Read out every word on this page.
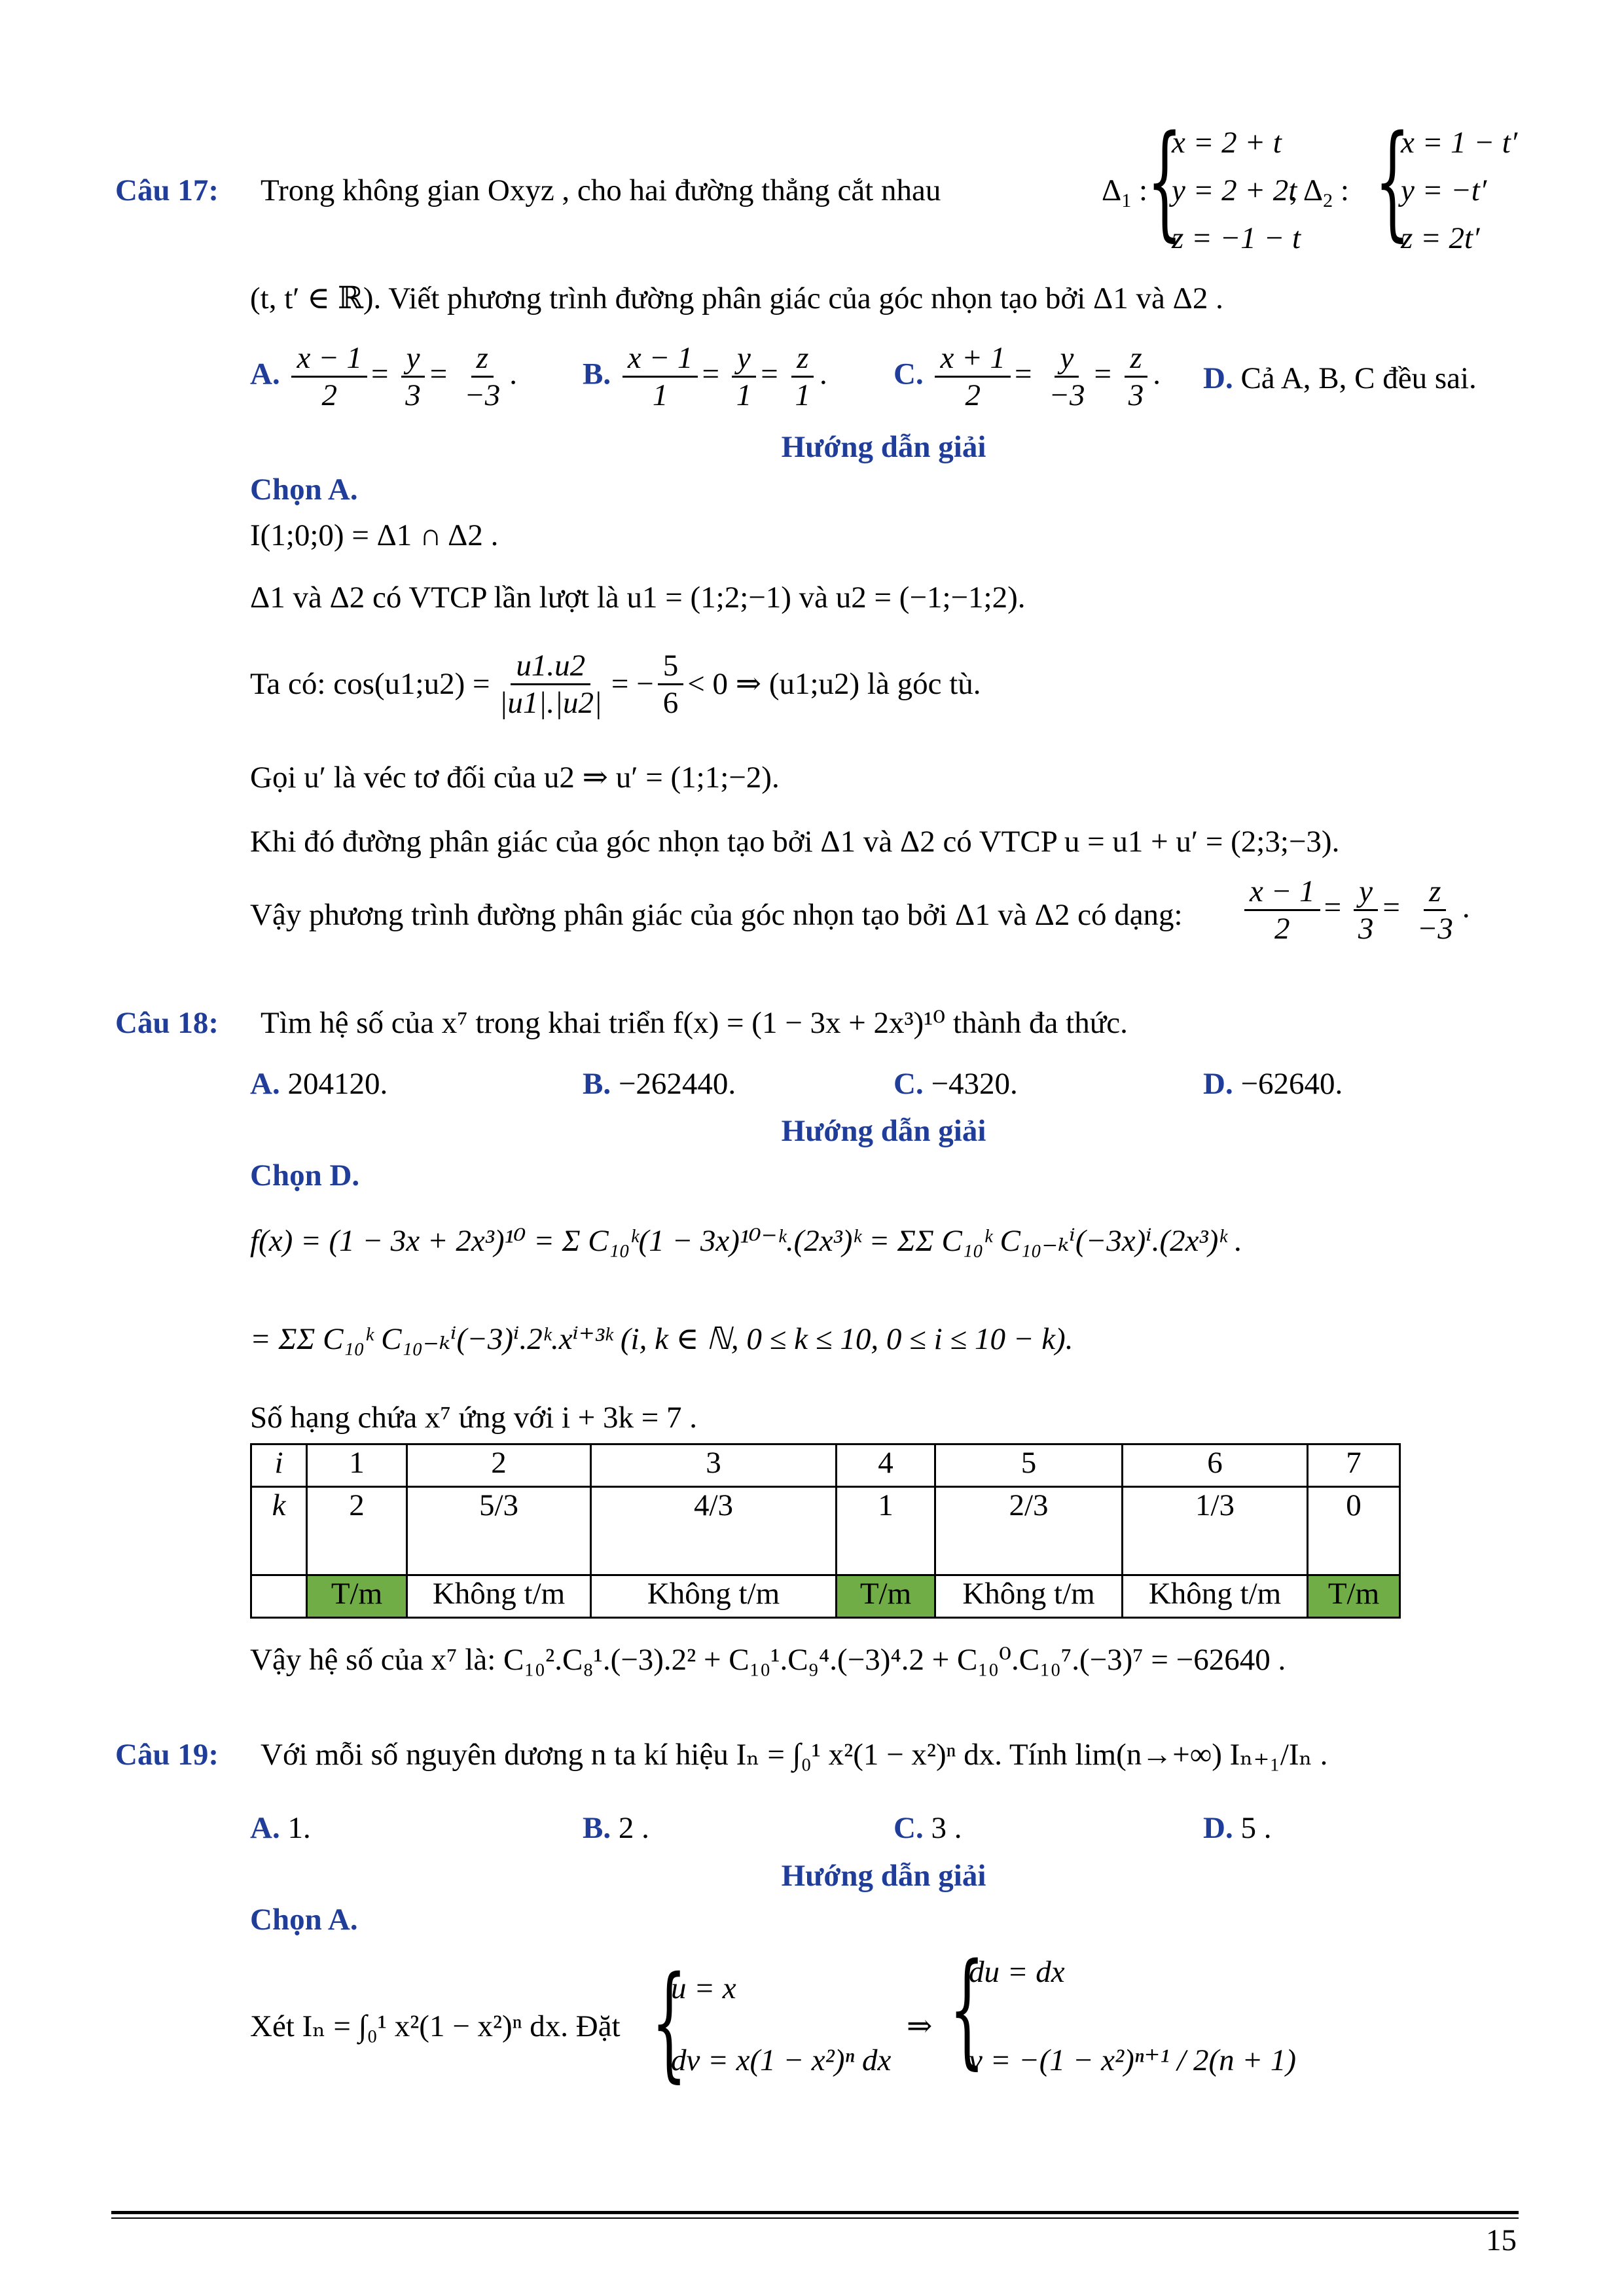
Câu 17: Trong không gian Oxyz , cho hai đường thẳng cắt nhau	$\Delta_1$ :
{
x = 2 + t
y = 2 + 2t
z = −1 − t
, $\Delta_2$ : {
x = 1 − t′
y = −t′
z = 2t′
(t, t′ ∈ ℝ). Viết phương trình đường phân giác của góc nhọn tạo bởi Δ1 và Δ2 .
A. $\frac{x - 1}{2} = \frac{y}{3} = \frac{z}{-3}$ . B. $\frac{x - 1}{1} = \frac{y}{1} = \frac{z}{1}$ . C. $\frac{x + 1}{2} = \frac{y}{-3} = \frac{z}{3}$ . D. Cả A, B, C đều sai.
Hướng dẫn giải
Chọn A.
I(1;0;0) = Δ1 ∩ Δ2 .
Δ1 và Δ2 có VTCP lần lượt là u1 = (1;2;−1) và u2 = (−1;−1;2).
Ta có: cos(u1;u2) = $\frac{u1.u2}{|u1|.|u2|}$ = − $\frac{5}{6} < 0$ ⇒ (u1;u2) là góc tù.
Gọi u′ là véc tơ đối của u2 ⇒ u′ = (1;1;−2).
Khi đó đường phân giác của góc nhọn tạo bởi Δ1 và Δ2 có VTCP u = u1 + u′ = (2;3;−3).
Vậy phương trình đường phân giác của góc nhọn tạo bởi Δ1 và Δ2 có dạng: $\frac{x - 1}{2} = \frac{y}{3} = \frac{z}{-3}$ .
Câu 18: Tìm hệ số của x⁷ trong khai triển f(x) = (1 − 3x + 2x³)¹⁰ thành đa thức.
A. 204120.	B. −262440.	C. −4320.	D. −62640.
Hướng dẫn giải
Chọn D.
f(x) = (1 − 3x + 2x³)¹⁰ = Σ C₁₀ᵏ(1 − 3x)¹⁰⁻ᵏ.(2x³)ᵏ = ΣΣ C₁₀ᵏ C₁₀₋ₖⁱ(−3x)ⁱ.(2x³)ᵏ .
= ΣΣ C₁₀ᵏ C₁₀₋ₖⁱ(−3)ⁱ.2ᵏ.xⁱ⁺³ᵏ (i, k ∈ ℕ, 0 ≤ k ≤ 10, 0 ≤ i ≤ 10 − k).
Số hạng chứa x⁷ ứng với i + 3k = 7 .
i	1	2	3	4	5	6	7
k	2	5/3	4/3	1	2/3	1/3	0
	T/m	Không t/m	Không t/m	T/m	Không t/m	Không t/m	T/m
Vậy hệ số của x⁷ là: C₁₀².C₈¹.(−3).2² + C₁₀¹.C₉⁴.(−3)⁴.2 + C₁₀⁰.C₁₀⁷.(−3)⁷ = −62640 .
Câu 19: Với mỗi số nguyên dương n ta kí hiệu Iₙ = ∫₀¹ x²(1 − x²)ⁿ dx. Tính lim(n→+∞) Iₙ₊₁/Iₙ .
A. 1.	B. 2 .	C. 3 .	D. 5 .
Hướng dẫn giải
Chọn A.
Xét Iₙ = ∫₀¹ x²(1 − x²)ⁿ dx. Đặt {
u = x
dv = x(1 − x²)ⁿ dx
⇒ {
du = dx
v = −(1 − x²)ⁿ⁺¹ / 2(n + 1)
15
